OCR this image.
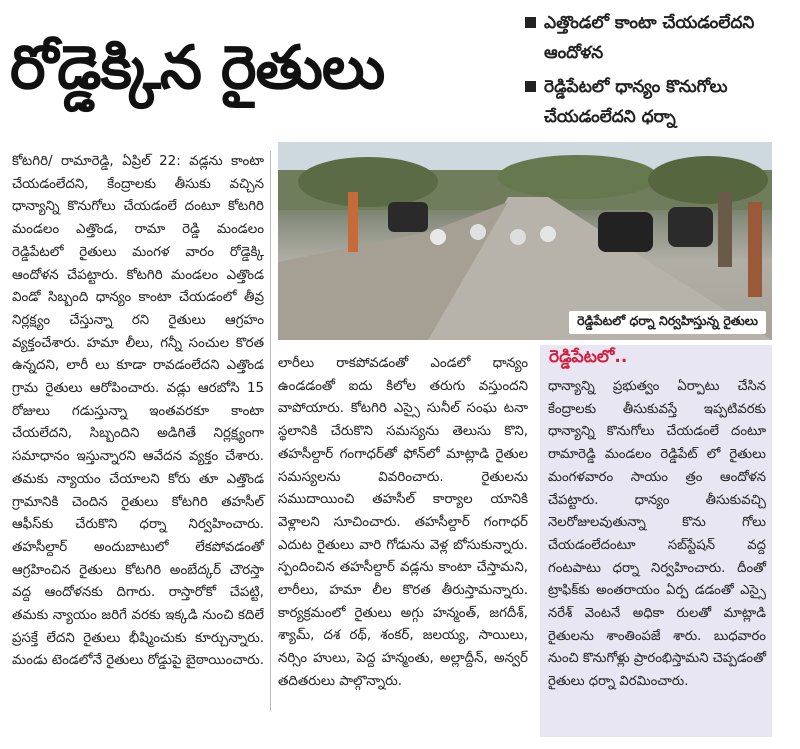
రోడ్డెక్కిన రైతులు
ఎత్తొండలో కాంటా చేయడంలేదని ఆందోళన
రెడ్డిపేటలో ధాన్యం కొనుగోలు చేయడంలేదని ధర్నా

కోటగిరి/ రామారెడ్డి, ఏప్రిల్ 22: వడ్లను కాంటా చేయడంలేదని, కేంద్రాలకు తీసుకు వచ్చిన ధాన్యాన్ని కొనుగోలు చేయడంలే దంటూ కోటగిరి మండలం ఎత్తొండ, రామా రెడ్డి మండలం రెడ్డిపేటలో రైతులు మంగళ వారం రోడ్డెక్కి ఆందోళన చేపట్టారు. కోటగిరి మండలం ఎత్తొండ విండో సిబ్బంది ధాన్యం కాంటా చేయడంలో తీవ్ర నిర్లక్ష్యం చేస్తున్నా రని రైతులు ఆగ్రహం వ్యక్తంచేశారు. హమా లీలు, గన్నీ సంచుల కొరత ఉన్నదని, లారీ లు కూడా రావడంలేదని ఎత్తొండ గ్రామ రైతులు ఆరోపించారు. వడ్లు ఆరబోసి 15 రోజులు గడుస్తున్నా ఇంతవరకూ కాంటా చేయలేదని, సిబ్బందిని అడిగితే నిర్లక్ష్యంగా సమాధానం ఇస్తున్నారని ఆవేదన వ్యక్తం చేశారు. తమకు న్యాయం చేయాలని కోరు తూ ఎత్తొండ గ్రామానికి చెందిన రైతులు కోటగిరి తహసీల్ ఆఫీస్‌కు చేరుకొని ధర్నా నిర్వహించారు. తహసీల్దార్ అందుబాటులో లేకపోవడంతో ఆగ్రహించిన రైతులు కోటగిరి అంబేద్కర్ చౌరస్తా వద్ద ఆందోళనకు దిగారు. రాస్తారోకో చేపట్టి, తమకు న్యాయం జరిగే వరకు ఇక్కడి నుంచి కదిలే ప్రసక్తే లేదని రైతులు భీష్మించుకు కూర్చున్నారు. మండు టెండలోనే రైతులు రోడ్డుపై బైఠాయించారు.

రెడ్డిపేటలో ధర్నా నిర్వహిస్తున్న రైతులు

లారీలు రాకపోవడంతో ఎండలో ధాన్యం ఉండడంతో ఐదు కిలోల తరుగు వస్తుందని వాపోయారు. కోటగిరి ఎస్సై సునీల్ సంఘ టనా స్థలానికి చేరుకొని సమస్యను తెలుసు కొని, తహసీల్దార్ గంగాధర్‌తో ఫోన్‌లో మాట్లాడి రైతుల సమస్యలను వివరించారు. రైతులను సముదాయించి తహసీల్ కార్యాల యానికి వెళ్లాలని సూచించారు. తహసీల్దార్ గంగాధర్ ఎదుట రైతులు వారి గోడును వెళ్ల బోసుకున్నారు. స్పందించిన తహసీల్దార్ వడ్లను కాంటా చేస్తామని, లారీలు, హమా లీల కొరత తీరుస్తామన్నారు. కార్యక్రమంలో రైతులు అగ్గు హన్మంత్, జగదీశ్, శ్యామ్, దశ రథ్, శంకర్, జలయ్య, సాయిలు, నర్సిం హులు, పెద్ద హన్మంతు, అల్లాద్దీన్, అన్వర్ తదితరులు పాల్గొన్నారు.

రెడ్డిపేటలో..

ధాన్యాన్ని ప్రభుత్వం ఏర్పాటు చేసిన కేంద్రాలకు తీసుకువస్తే ఇప్పటివరకు ధాన్యాన్ని కొనుగోలు చేయడంలే దంటూ రామారెడ్డి మండలం రెడ్డిపేట్ లో రైతులు మంగళవారం సాయం త్రం ఆందోళన చేపట్టారు. ధాన్యం తీసుకువచ్చి నెలరోజులవుతున్నా కొను గోలు చేయడంలేదంటూ సబ్‌స్టేషన్ వద్ద గంటపాటు ధర్నా నిర్వహించారు. దీంతో ట్రాఫిక్‌కు అంతరాయం ఏర్ప డడంతో ఎస్సై నరేశ్ వెంటనే అధికా రులతో మాట్లాడి రైతులను శాంతింపజే శారు. బుధవారం నుంచి కొనుగోళ్లు ప్రారంభిస్తామని చెప్పడంతో రైతులు ధర్నా విరమించారు.
